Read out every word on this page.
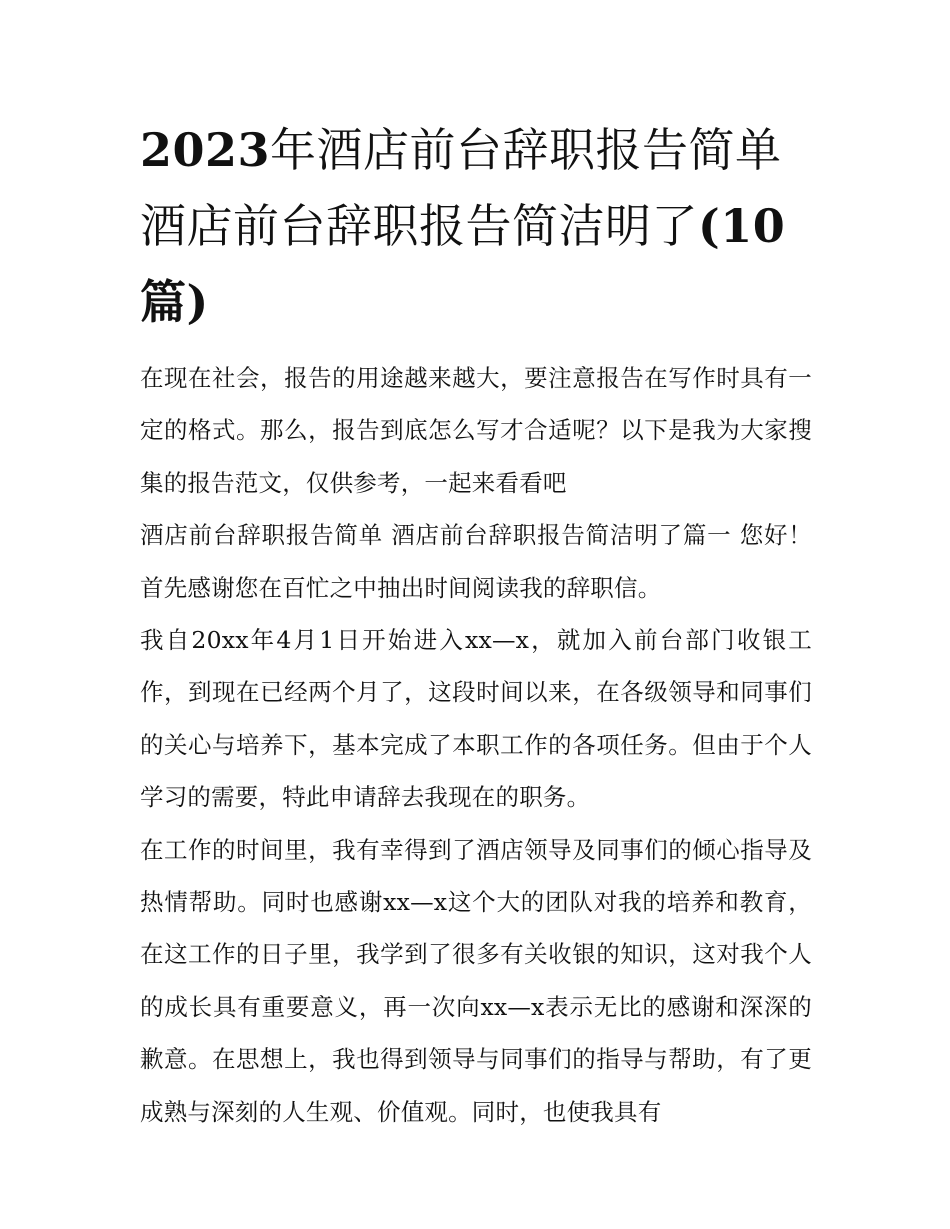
2023年酒店前台辞职报告简单酒店前台辞职报告简洁明了(10篇)

在现在社会，报告的用途越来越大，要注意报告在写作时具有一定的格式。那么，报告到底怎么写才合适呢？以下是我为大家搜集的报告范文，仅供参考，一起来看看吧

酒店前台辞职报告简单 酒店前台辞职报告简洁明了篇一 您好！首先感谢您在百忙之中抽出时间阅读我的辞职信。

我自20xx年4月1日开始进入xx—x，就加入前台部门收银工作，到现在已经两个月了，这段时间以来，在各级领导和同事们的关心与培养下，基本完成了本职工作的各项任务。但由于个人学习的需要，特此申请辞去我现在的职务。

在工作的时间里，我有幸得到了酒店领导及同事们的倾心指导及热情帮助。同时也感谢xx—x这个大的团队对我的培养和教育，在这工作的日子里，我学到了很多有关收银的知识，这对我个人的成长具有重要意义，再一次向xx—x表示无比的感谢和深深的歉意。在思想上，我也得到领导与同事们的指导与帮助，有了更成熟与深刻的人生观、价值观。同时，也使我具有
